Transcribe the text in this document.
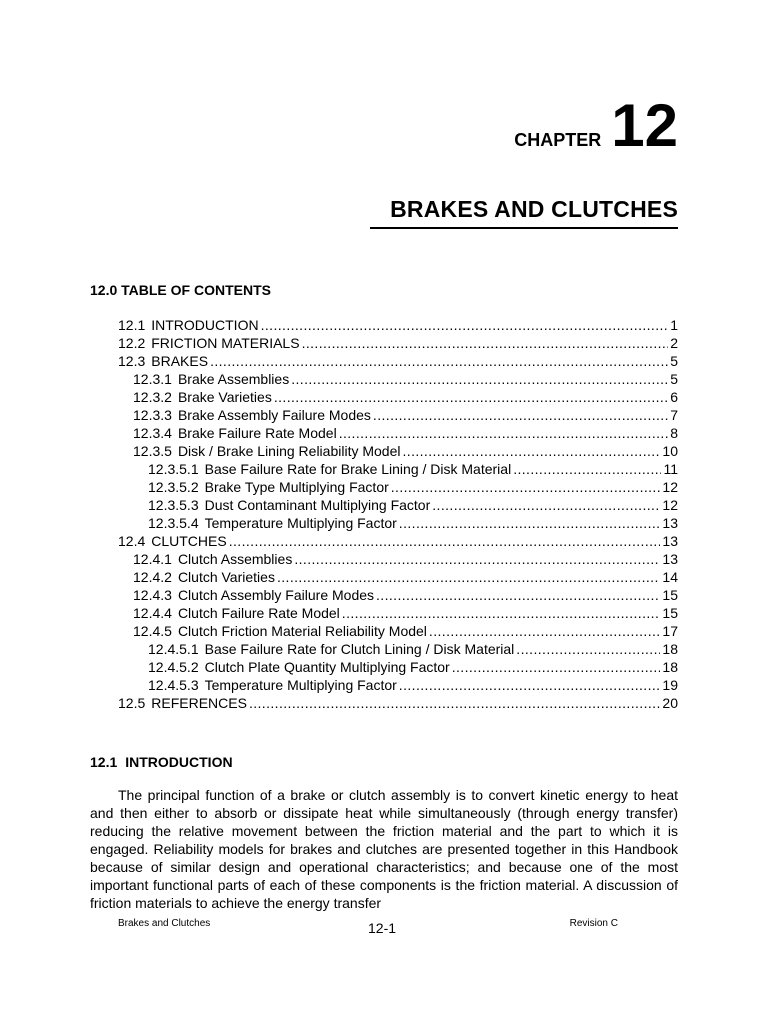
CHAPTER 12
BRAKES AND CLUTCHES
12.0 TABLE OF CONTENTS
12.1 INTRODUCTION .....	1
12.2 FRICTION MATERIALS .....	2
12.3 BRAKES .....	5
12.3.1 Brake Assemblies .....	5
12.3.2 Brake Varieties .....	6
12.3.3 Brake Assembly Failure Modes .....	7
12.3.4 Brake Failure Rate Model .....	8
12.3.5 Disk / Brake Lining Reliability Model .....	10
12.3.5.1 Base Failure Rate for Brake Lining / Disk Material .....	11
12.3.5.2 Brake Type Multiplying Factor .....	12
12.3.5.3 Dust Contaminant Multiplying Factor .....	12
12.3.5.4 Temperature Multiplying Factor .....	13
12.4 CLUTCHES .....	13
12.4.1 Clutch Assemblies .....	13
12.4.2 Clutch Varieties .....	14
12.4.3 Clutch Assembly Failure Modes .....	15
12.4.4 Clutch Failure Rate Model .....	15
12.4.5 Clutch Friction Material Reliability Model .....	17
12.4.5.1 Base Failure Rate for Clutch Lining / Disk Material .....	18
12.4.5.2 Clutch Plate Quantity Multiplying Factor .....	18
12.4.5.3 Temperature Multiplying Factor .....	19
12.5 REFERENCES .....	20
12.1 INTRODUCTION

The principal function of a brake or clutch assembly is to convert kinetic energy to heat and then either to absorb or dissipate heat while simultaneously (through energy transfer) reducing the relative movement between the friction material and the part to which it is engaged. Reliability models for brakes and clutches are presented together in this Handbook because of similar design and operational characteristics; and because one of the most important functional parts of each of these components is the friction material. A discussion of friction materials to achieve the energy transfer

Brakes and Clutches	12-1	Revision C
